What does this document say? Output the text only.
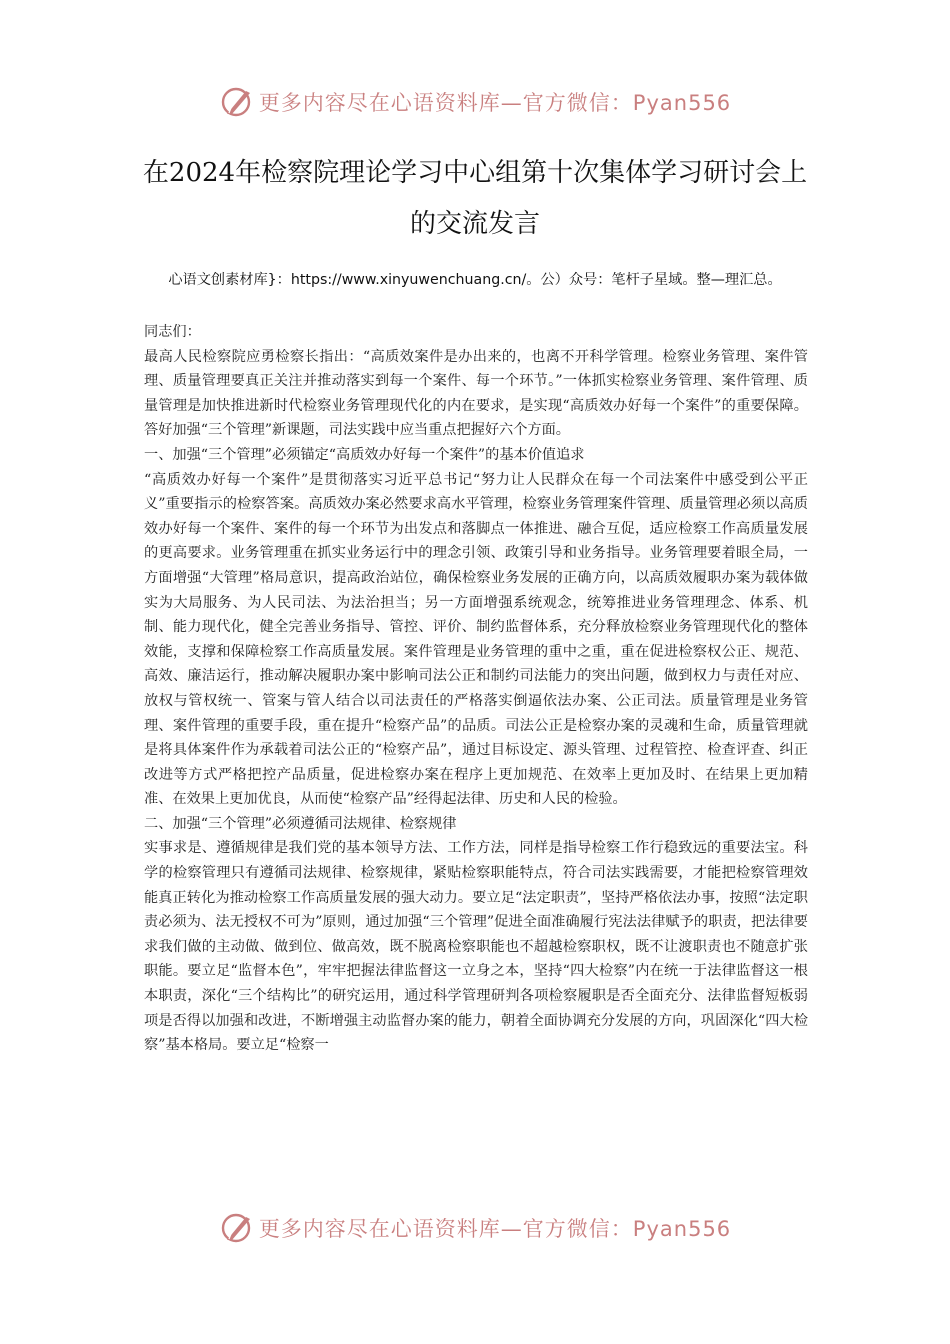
更多内容尽在心语资料库—官方微信：Pyan556
在2024年检察院理论学习中心组第十次集体学习研讨会上的交流发言
心语文创素材库}：https://www.xinyuwenchuang.cn/。公）众号：笔杆子星域。整—理汇总。

同志们：

最高人民检察院应勇检察长指出：“高质效案件是办出来的，也离不开科学管理。检察业务管理、案件管理、质量管理要真正关注并推动落实到每一个案件、每一个环节。”一体抓实检察业务管理、案件管理、质量管理是加快推进新时代检察业务管理现代化的内在要求，是实现“高质效办好每一个案件”的重要保障。答好加强“三个管理”新课题，司法实践中应当重点把握好六个方面。

一、加强“三个管理”必须锚定“高质效办好每一个案件”的基本价值追求

“高质效办好每一个案件”是贯彻落实习近平总书记“努力让人民群众在每一个司法案件中感受到公平正义”重要指示的检察答案。高质效办案必然要求高水平管理，检察业务管理案件管理、质量管理必须以高质效办好每一个案件、案件的每一个环节为出发点和落脚点一体推进、融合互促，适应检察工作高质量发展的更高要求。业务管理重在抓实业务运行中的理念引领、政策引导和业务指导。业务管理要着眼全局，一方面增强“大管理”格局意识，提高政治站位，确保检察业务发展的正确方向，以高质效履职办案为载体做实为大局服务、为人民司法、为法治担当；另一方面增强系统观念，统筹推进业务管理理念、体系、机制、能力现代化，健全完善业务指导、管控、评价、制约监督体系，充分释放检察业务管理现代化的整体效能，支撑和保障检察工作高质量发展。案件管理是业务管理的重中之重，重在促进检察权公正、规范、高效、廉洁运行，推动解决履职办案中影响司法公正和制约司法能力的突出问题，做到权力与责任对应、放权与管权统一、管案与管人结合以司法责任的严格落实倒逼依法办案、公正司法。质量管理是业务管理、案件管理的重要手段，重在提升“检察产品”的品质。司法公正是检察办案的灵魂和生命，质量管理就是将具体案件作为承载着司法公正的“检察产品”，通过目标设定、源头管理、过程管控、检查评查、纠正改进等方式严格把控产品质量，促进检察办案在程序上更加规范、在效率上更加及时、在结果上更加精准、在效果上更加优良，从而使“检察产品”经得起法律、历史和人民的检验。

二、加强“三个管理”必须遵循司法规律、检察规律

实事求是、遵循规律是我们党的基本领导方法、工作方法，同样是指导检察工作行稳致远的重要法宝。科学的检察管理只有遵循司法规律、检察规律，紧贴检察职能特点，符合司法实践需要，才能把检察管理效能真正转化为推动检察工作高质量发展的强大动力。要立足“法定职责”，坚持严格依法办事，按照“法定职责必须为、法无授权不可为”原则，通过加强“三个管理”促进全面准确履行宪法法律赋予的职责，把法律要求我们做的主动做、做到位、做高效，既不脱离检察职能也不超越检察职权，既不让渡职责也不随意扩张职能。要立足“监督本色”，牢牢把握法律监督这一立身之本，坚持“四大检察”内在统一于法律监督这一根本职责，深化“三个结构比”的研究运用，通过科学管理研判各项检察履职是否全面充分、法律监督短板弱项是否得以加强和改进，不断增强主动监督办案的能力，朝着全面协调充分发展的方向，巩固深化“四大检察”基本格局。要立足“检察一

更多内容尽在心语资料库—官方微信：Pyan556
